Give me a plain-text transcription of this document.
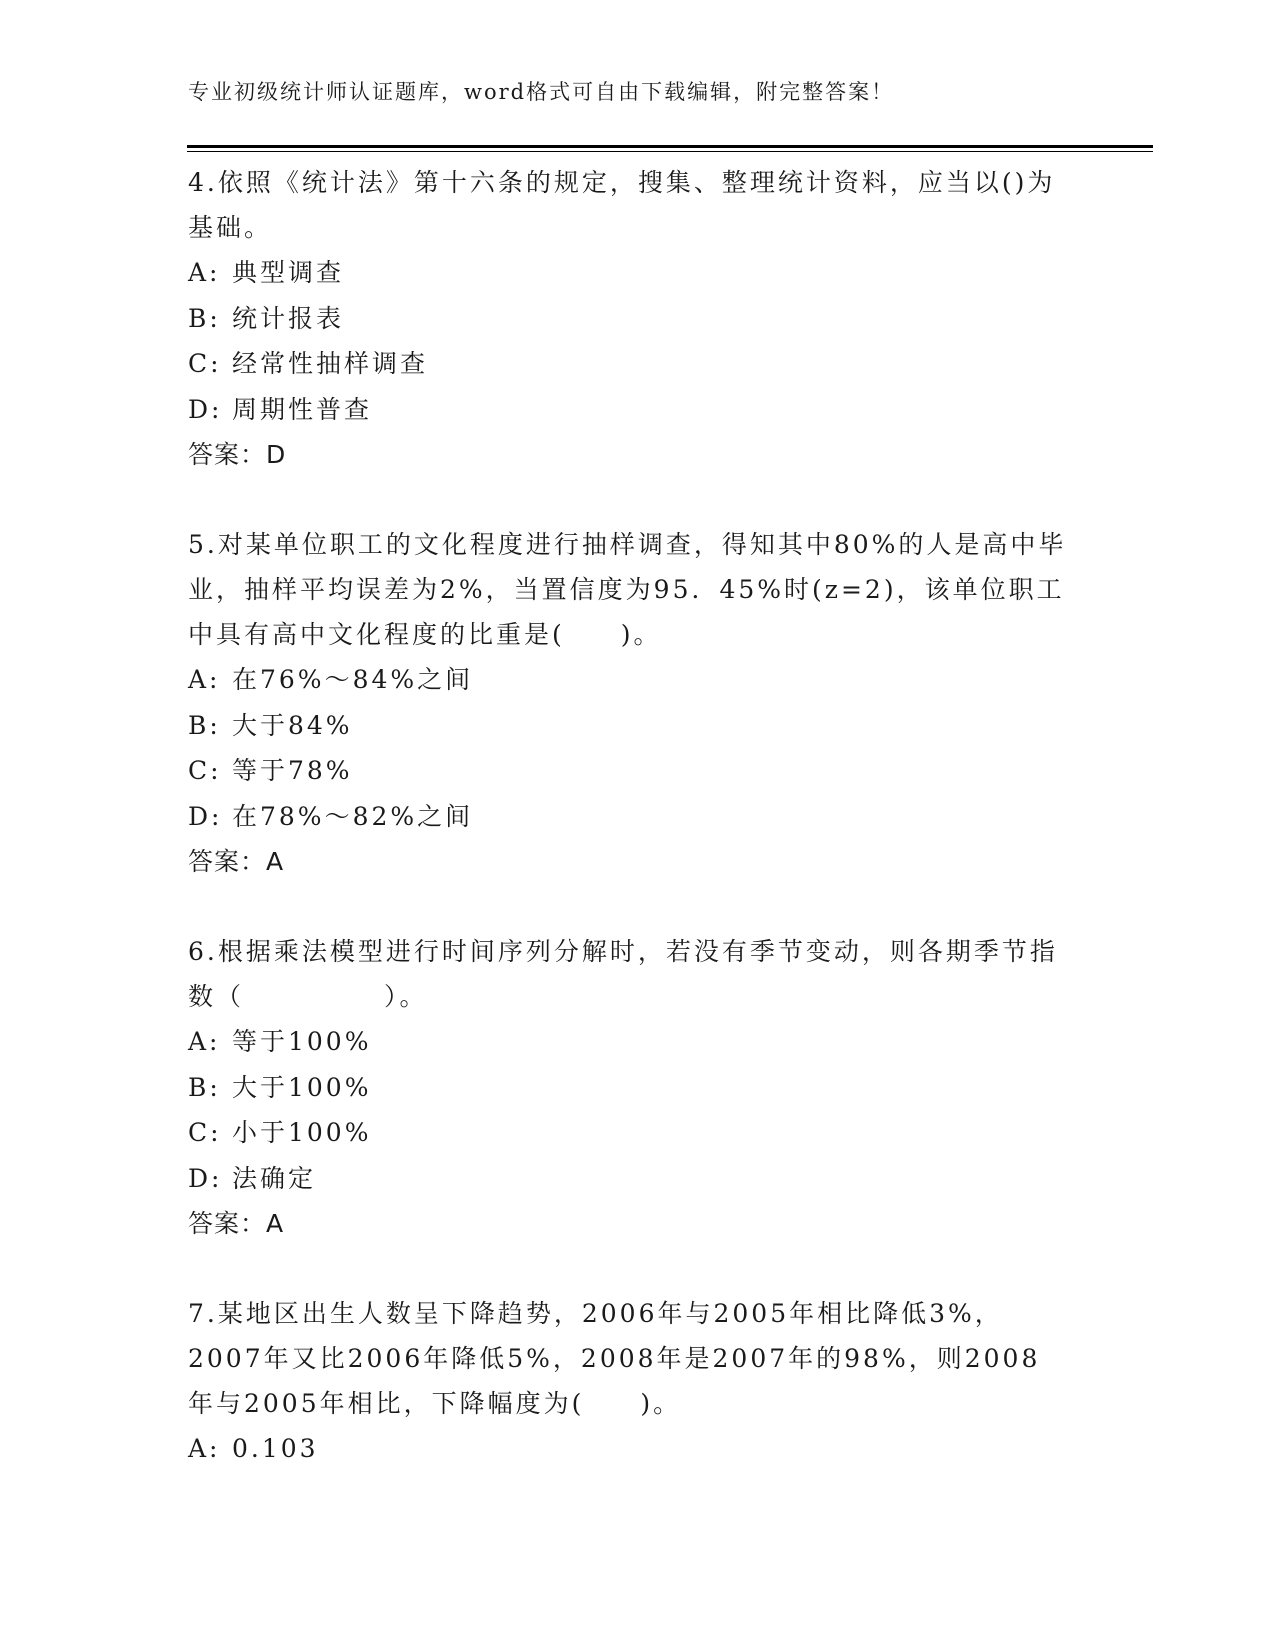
专业初级统计师认证题库，word格式可自由下载编辑，附完整答案！

4.依照《统计法》第十六条的规定，搜集、整理统计资料，应当以()为基础。

A: 典型调查
B: 统计报表
C: 经常性抽样调查
D: 周期性普查
答案：D

5.对某单位职工的文化程度进行抽样调查，得知其中80%的人是高中毕业，抽样平均误差为2%，当置信度为95．45%时(z=2)，该单位职工中具有高中文化程度的比重是(　　)。

A: 在76%～84%之间
B: 大于84%
C: 等于78%
D: 在78%～82%之间
答案：A

6.根据乘法模型进行时间序列分解时，若没有季节变动，则各期季节指数（　　　　　）。

A: 等于100%
B: 大于100%
C: 小于100%
D: 法确定
答案：A

7.某地区出生人数呈下降趋势，2006年与2005年相比降低3%，2007年又比2006年降低5%，2008年是2007年的98%，则2008年与2005年相比，下降幅度为(　　)。

A: 0.103
